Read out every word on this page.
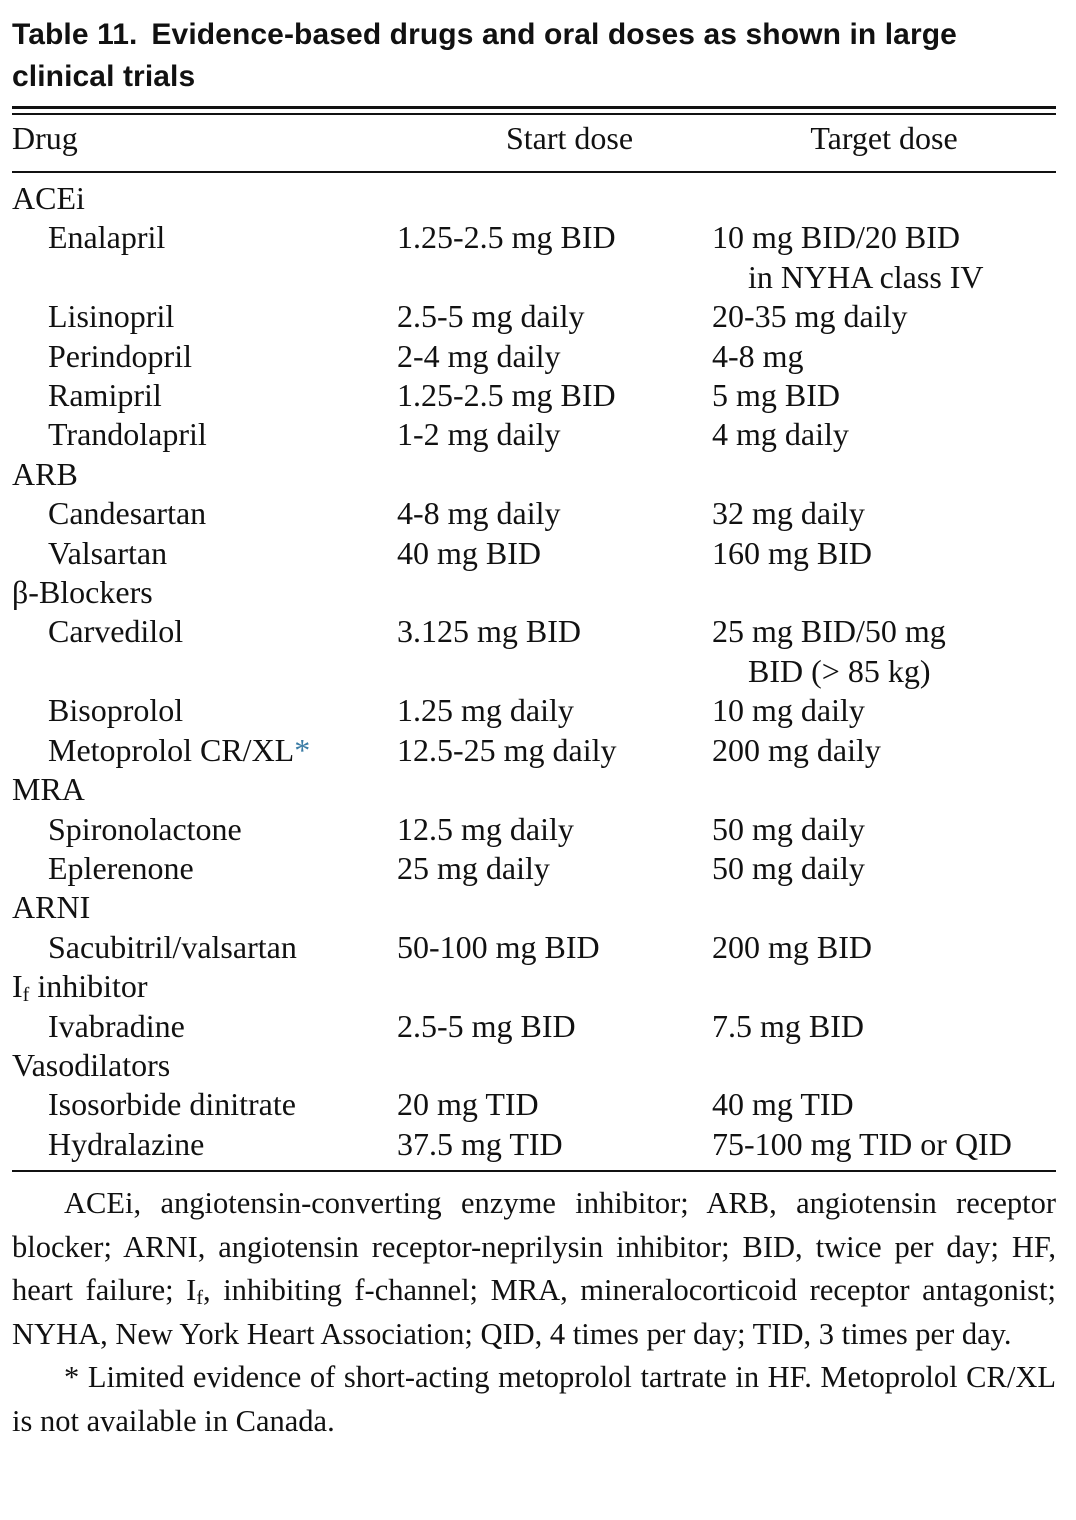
Table 11. Evidence-based drugs and oral doses as shown in large clinical trials

Drug	Start dose	Target dose
ACEi
Enalapril	1.25-2.5 mg BID	10 mg BID/20 BID
in NYHA class IV
Lisinopril	2.5-5 mg daily	20-35 mg daily
Perindopril	2-4 mg daily	4-8 mg
Ramipril	1.25-2.5 mg BID	5 mg BID
Trandolapril	1-2 mg daily	4 mg daily
ARB
Candesartan	4-8 mg daily	32 mg daily
Valsartan	40 mg BID	160 mg BID
β-Blockers
Carvedilol	3.125 mg BID	25 mg BID/50 mg
BID (> 85 kg)
Bisoprolol	1.25 mg daily	10 mg daily
Metoprolol CR/XL*	12.5-25 mg daily	200 mg daily
MRA
Spironolactone	12.5 mg daily	50 mg daily
Eplerenone	25 mg daily	50 mg daily
ARNI
Sacubitril/valsartan	50-100 mg BID	200 mg BID
$I_f$ inhibitor
Ivabradine	2.5-5 mg BID	7.5 mg BID
Vasodilators
Isosorbide dinitrate	20 mg TID	40 mg TID
Hydralazine	37.5 mg TID	75-100 mg TID or QID

ACEi, angiotensin-converting enzyme inhibitor; ARB, angiotensin receptor blocker; ARNI, angiotensin receptor-neprilysin inhibitor; BID, twice per day; HF, heart failure; $I_f$, inhibiting f-channel; MRA, mineralocorticoid receptor antagonist; NYHA, New York Heart Association; QID, 4 times per day; TID, 3 times per day.

* Limited evidence of short-acting metoprolol tartrate in HF. Metoprolol CR/XL is not available in Canada.
